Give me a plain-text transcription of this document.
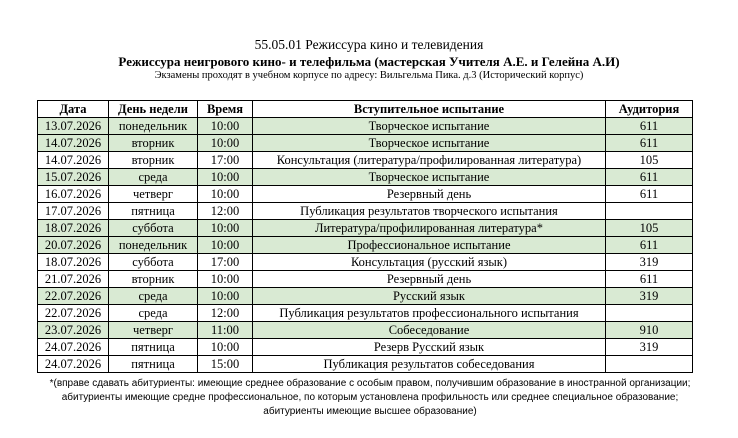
55.05.01 Режиссура кино и телевидения
Режиссура неигрового кино- и телефильма (мастерская Учителя А.Е. и Гелейна А.И)
Экзамены проходят в учебном корпусе по адресу: Вильгельма Пика. д.3 (Исторический корпус)
Дата	День недели	Время	Вступительное испытание	Аудитория
13.07.2026	понедельник	10:00	Творческое испытание	611
14.07.2026	вторник	10:00	Творческое испытание	611
14.07.2026	вторник	17:00	Консультация (литература/профилированная литература)	105
15.07.2026	среда	10:00	Творческое испытание	611
16.07.2026	четверг	10:00	Резервный день	611
17.07.2026	пятница	12:00	Публикация результатов творческого испытания	
18.07.2026	суббота	10:00	Литература/профилированная литература*	105
20.07.2026	понедельник	10:00	Профессиональное испытание	611
18.07.2026	суббота	17:00	Консультация (русский язык)	319
21.07.2026	вторник	10:00	Резервный день	611
22.07.2026	среда	10:00	Русский язык	319
22.07.2026	среда	12:00	Публикация результатов профессионального испытания	
23.07.2026	четверг	11:00	Собеседование	910
24.07.2026	пятница	10:00	Резерв Русский язык	319
24.07.2026	пятница	15:00	Публикация результатов собеседования	
*(вправе сдавать абитуриенты: имеющие среднее образование с особым правом, получившим образование в иностранной организации; абитуриенты имеющие средне профессиональное, по которым установлена профильность или среднее специальное образование; абитуриенты имеющие высшее образование)
